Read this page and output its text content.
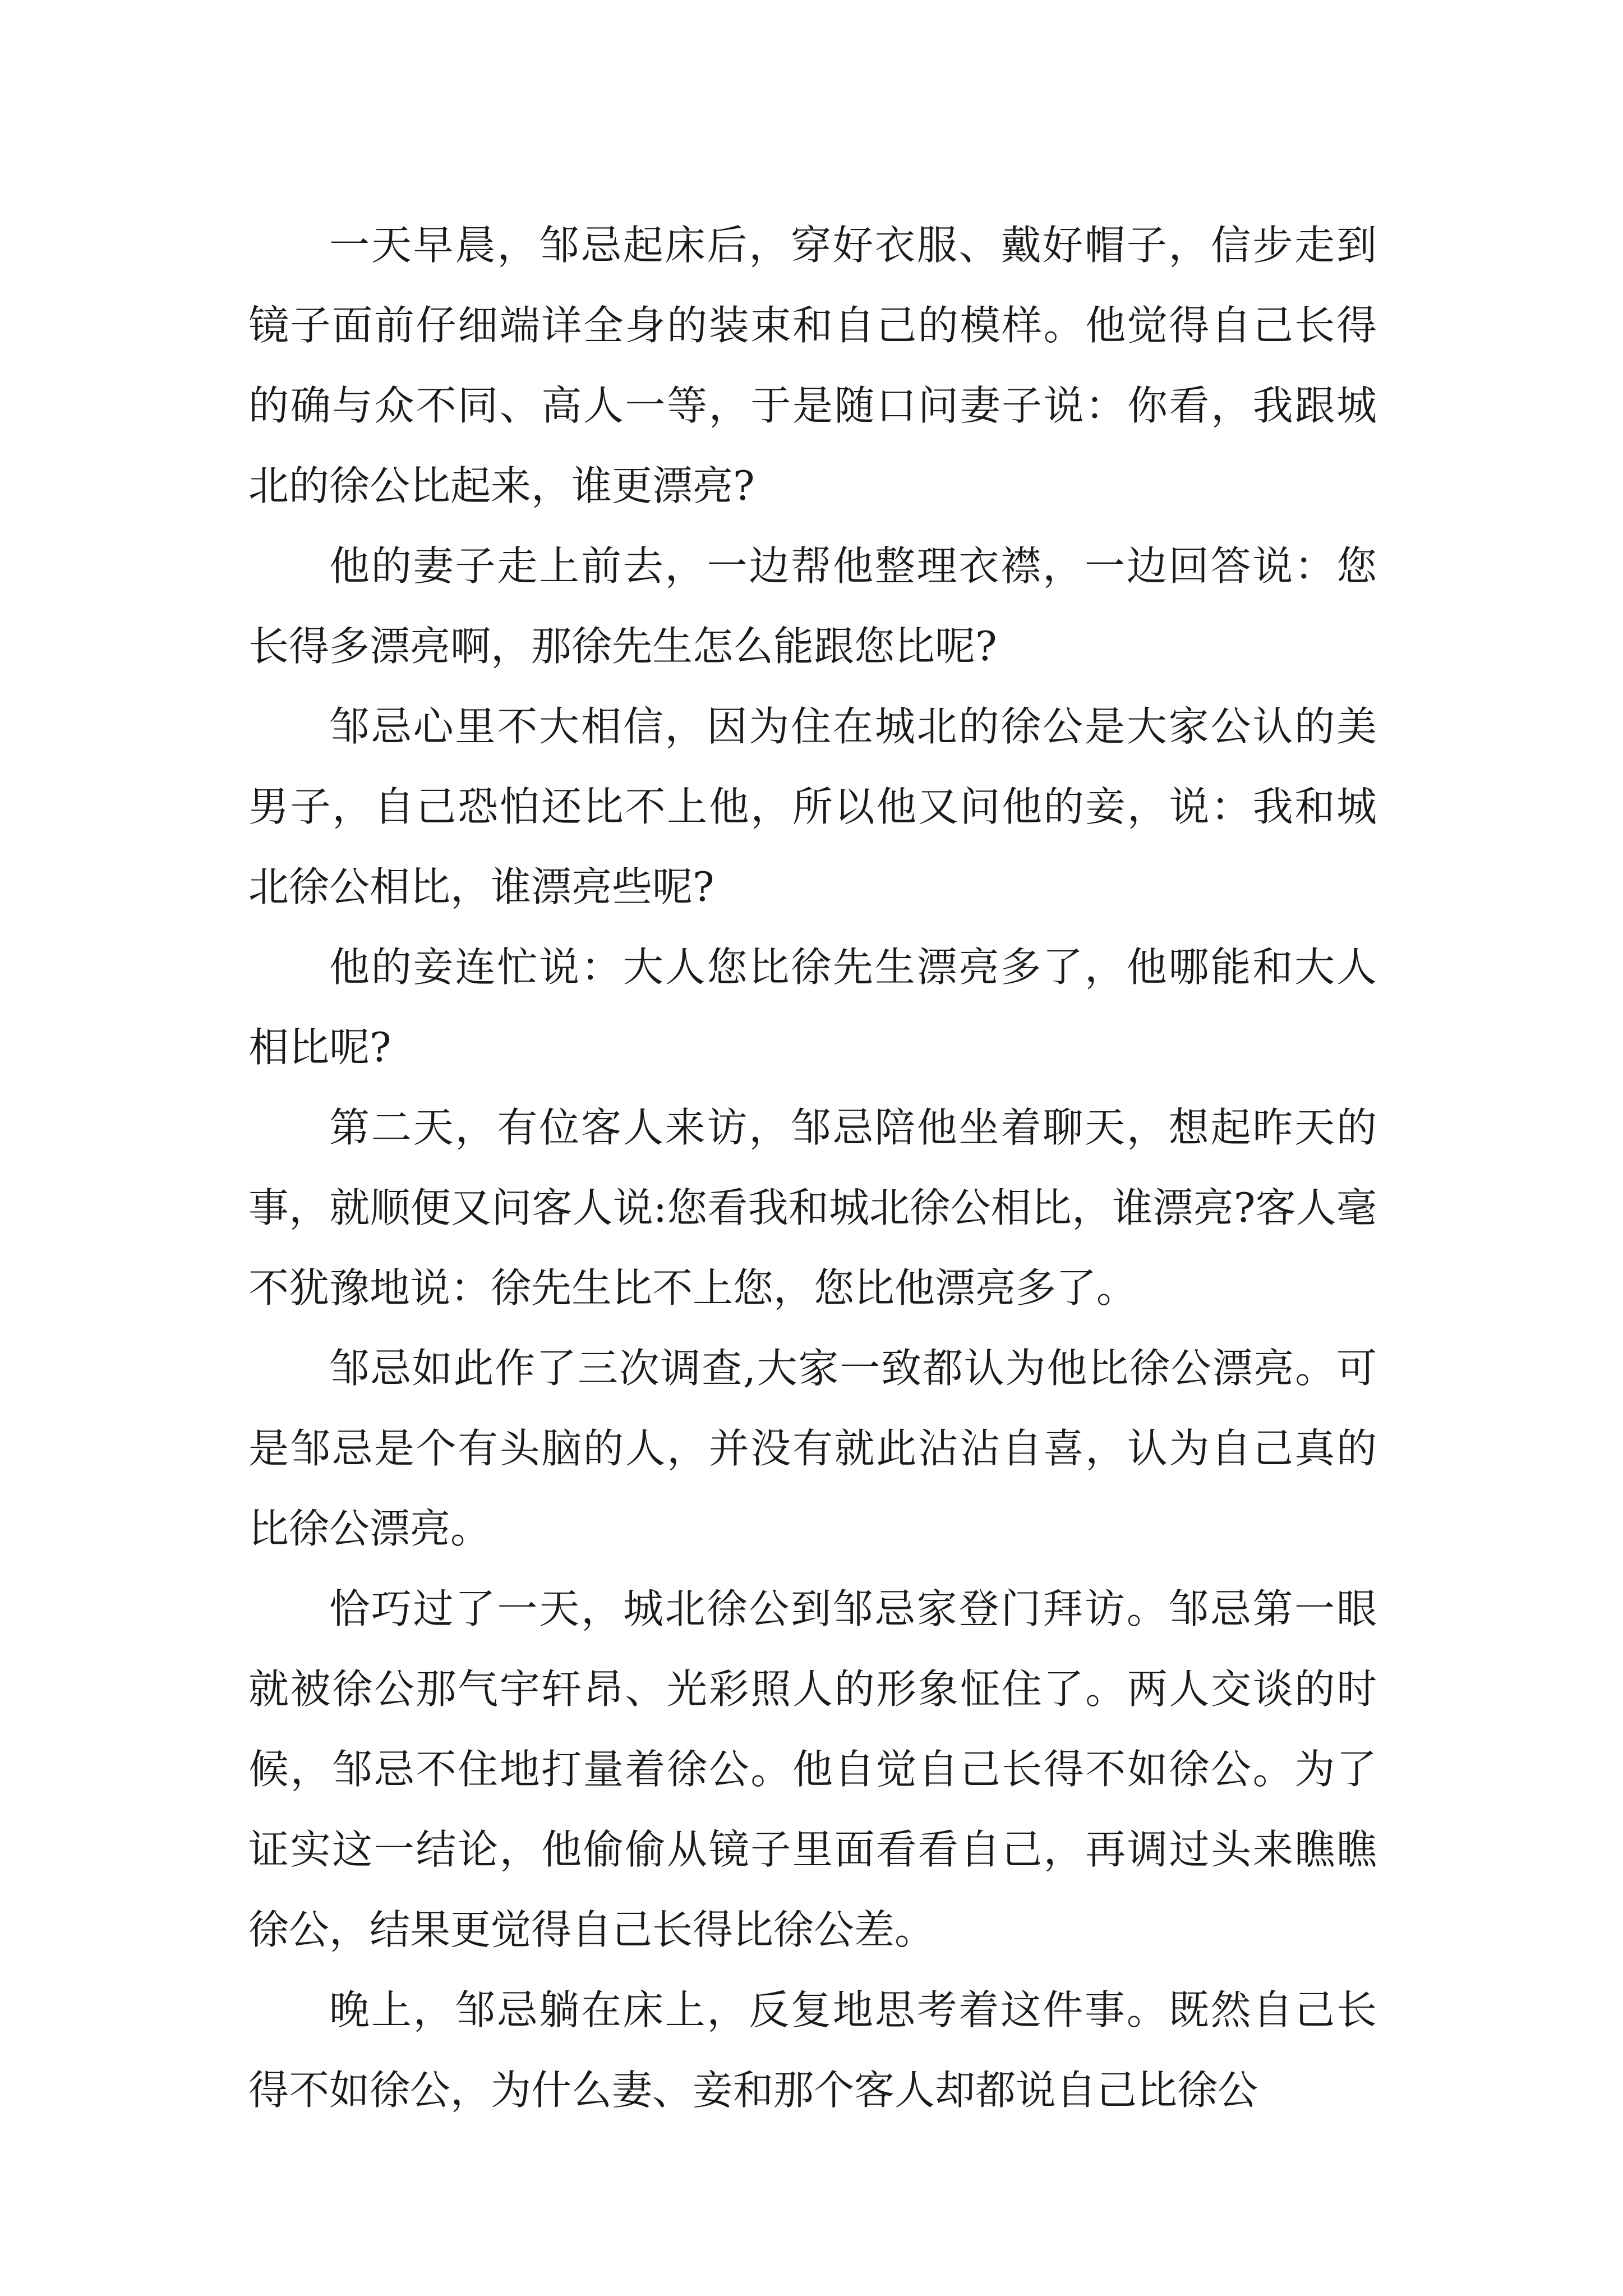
一天早晨，邹忌起床后，穿好衣服、戴好帽子，信步走到镜子面前仔细端详全身的装束和自己的模样。他觉得自己长得的确与众不同、高人一等，于是随口问妻子说：你看，我跟城北的徐公比起来，谁更漂亮?

他的妻子走上前去，一边帮他整理衣襟，一边回答说：您长得多漂亮啊，那徐先生怎么能跟您比呢?

邹忌心里不大相信，因为住在城北的徐公是大家公认的美男子，自己恐怕还比不上他，所以他又问他的妾，说：我和城北徐公相比，谁漂亮些呢?

他的妾连忙说：大人您比徐先生漂亮多了，他哪能和大人相比呢?

第二天，有位客人来访，邹忌陪他坐着聊天，想起昨天的事，就顺便又问客人说:您看我和城北徐公相比，谁漂亮?客人毫不犹豫地说：徐先生比不上您，您比他漂亮多了。

邹忌如此作了三次调查,大家一致都认为他比徐公漂亮。可是邹忌是个有头脑的人，并没有就此沾沾自喜，认为自己真的比徐公漂亮。

恰巧过了一天，城北徐公到邹忌家登门拜访。邹忌第一眼就被徐公那气宇轩昂、光彩照人的形象怔住了。两人交谈的时候，邹忌不住地打量着徐公。他自觉自己长得不如徐公。为了证实这一结论，他偷偷从镜子里面看看自己，再调过头来瞧瞧徐公，结果更觉得自己长得比徐公差。

晚上，邹忌躺在床上，反复地思考着这件事。既然自己长得不如徐公，为什么妻、妾和那个客人却都说自己比徐公
